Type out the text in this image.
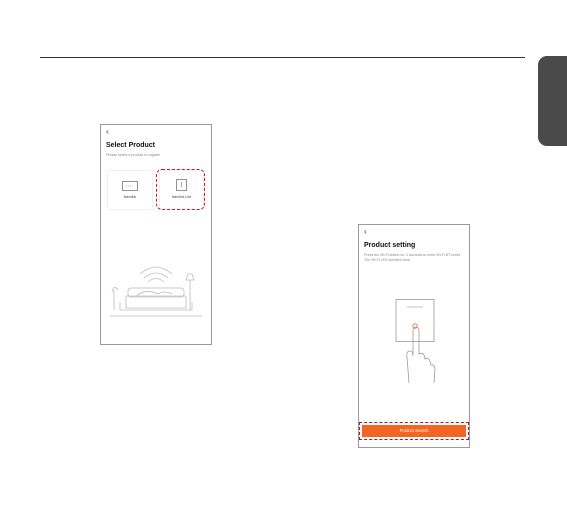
‹
Select Product
Please select a product to register
Navilink	Navilink Lite
‹
Product setting
Press the Wi-Fi button for 3 seconds to enter Wi-Fi BT mode. The Wi-Fi LED will blink blue.
Product Search
